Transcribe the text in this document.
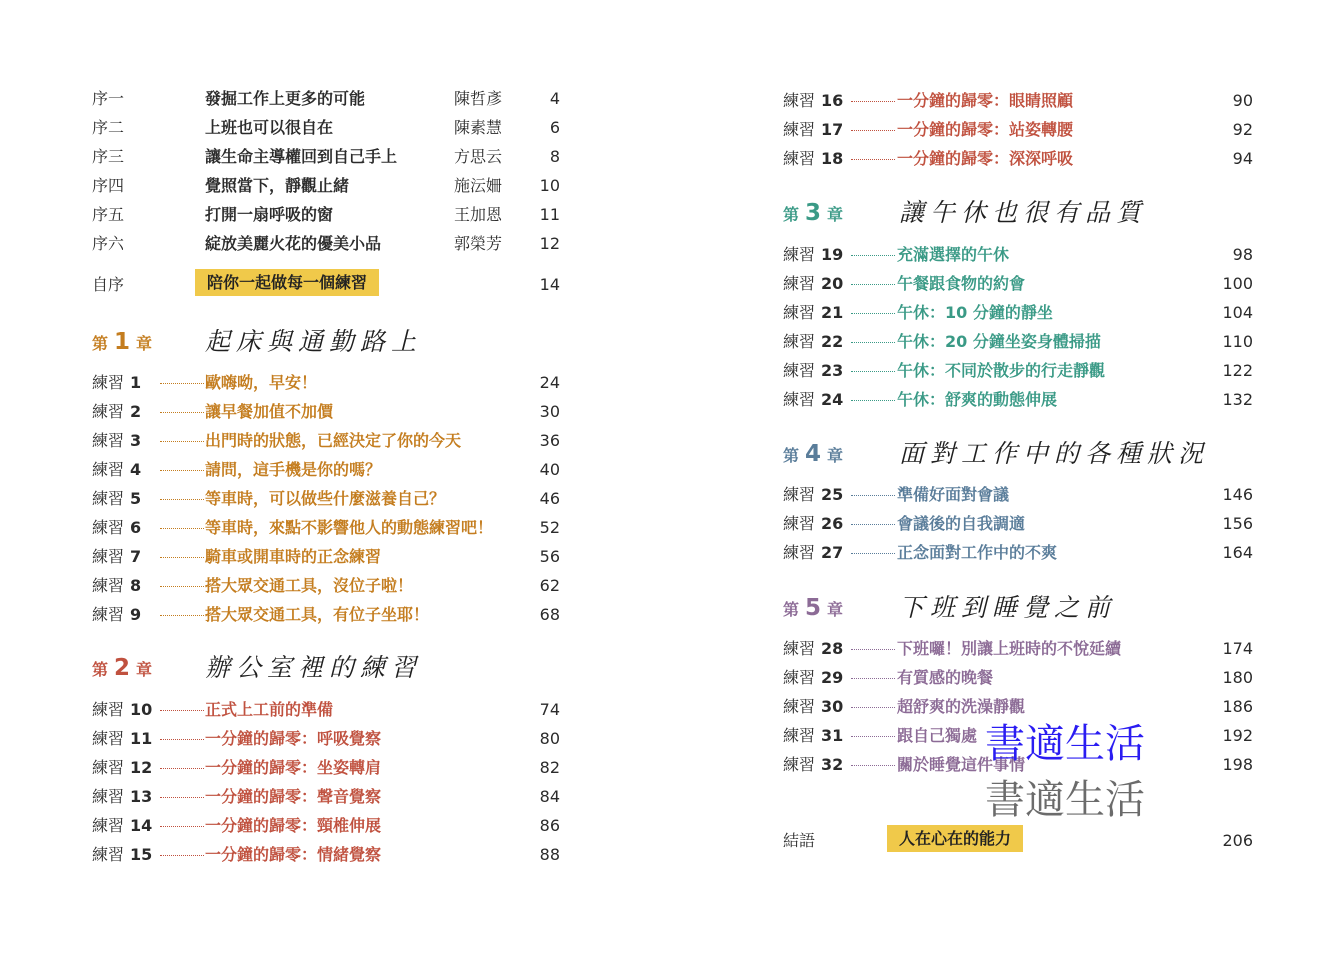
序一	發掘工作上更多的可能	陳哲彥	4
序二	上班也可以很自在	陳素慧	6
序三	讓生命主導權回到自己手上	方思云	8
序四	覺照當下，靜觀止緒	施沄姍	10
序五	打開一扇呼吸的窗	王加恩	11
序六	綻放美麗火花的優美小品	郭榮芳	12
自序	陪你一起做每一個練習	14
第 1 章 起床與通勤路上
練習 1	歐嗨呦，早安！	24
練習 2	讓早餐加值不加價	30
練習 3	出門時的狀態，已經決定了你的今天	36
練習 4	請問，這手機是你的嗎？	40
練習 5	等車時，可以做些什麼滋養自己？	46
練習 6	等車時，來點不影響他人的動態練習吧！	52
練習 7	騎車或開車時的正念練習	56
練習 8	搭大眾交通工具，沒位子啦！	62
練習 9	搭大眾交通工具，有位子坐耶！	68
第 2 章 辦公室裡的練習
練習 10	正式上工前的準備	74
練習 11	一分鐘的歸零：呼吸覺察	80
練習 12	一分鐘的歸零：坐姿轉肩	82
練習 13	一分鐘的歸零：聲音覺察	84
練習 14	一分鐘的歸零：頸椎伸展	86
練習 15	一分鐘的歸零：情緒覺察	88
練習 16	一分鐘的歸零：眼睛照顧	90
練習 17	一分鐘的歸零：站姿轉腰	92
練習 18	一分鐘的歸零：深深呼吸	94
第 3 章 讓午休也很有品質
練習 19	充滿選擇的午休	98
練習 20	午餐跟食物的約會	100
練習 21	午休：10 分鐘的靜坐	104
練習 22	午休：20 分鐘坐姿身體掃描	110
練習 23	午休：不同於散步的行走靜觀	122
練習 24	午休：舒爽的動態伸展	132
第 4 章 面對工作中的各種狀況
練習 25	準備好面對會議	146
練習 26	會議後的自我調適	156
練習 27	正念面對工作中的不爽	164
第 5 章 下班到睡覺之前
練習 28	下班囉！別讓上班時的不悅延續	174
練習 29	有質感的晚餐	180
練習 30	超舒爽的洗澡靜觀	186
練習 31	跟自己獨處	192
練習 32	關於睡覺這件事情	198
結語	人在心在的能力	206
書適生活
書適生活
